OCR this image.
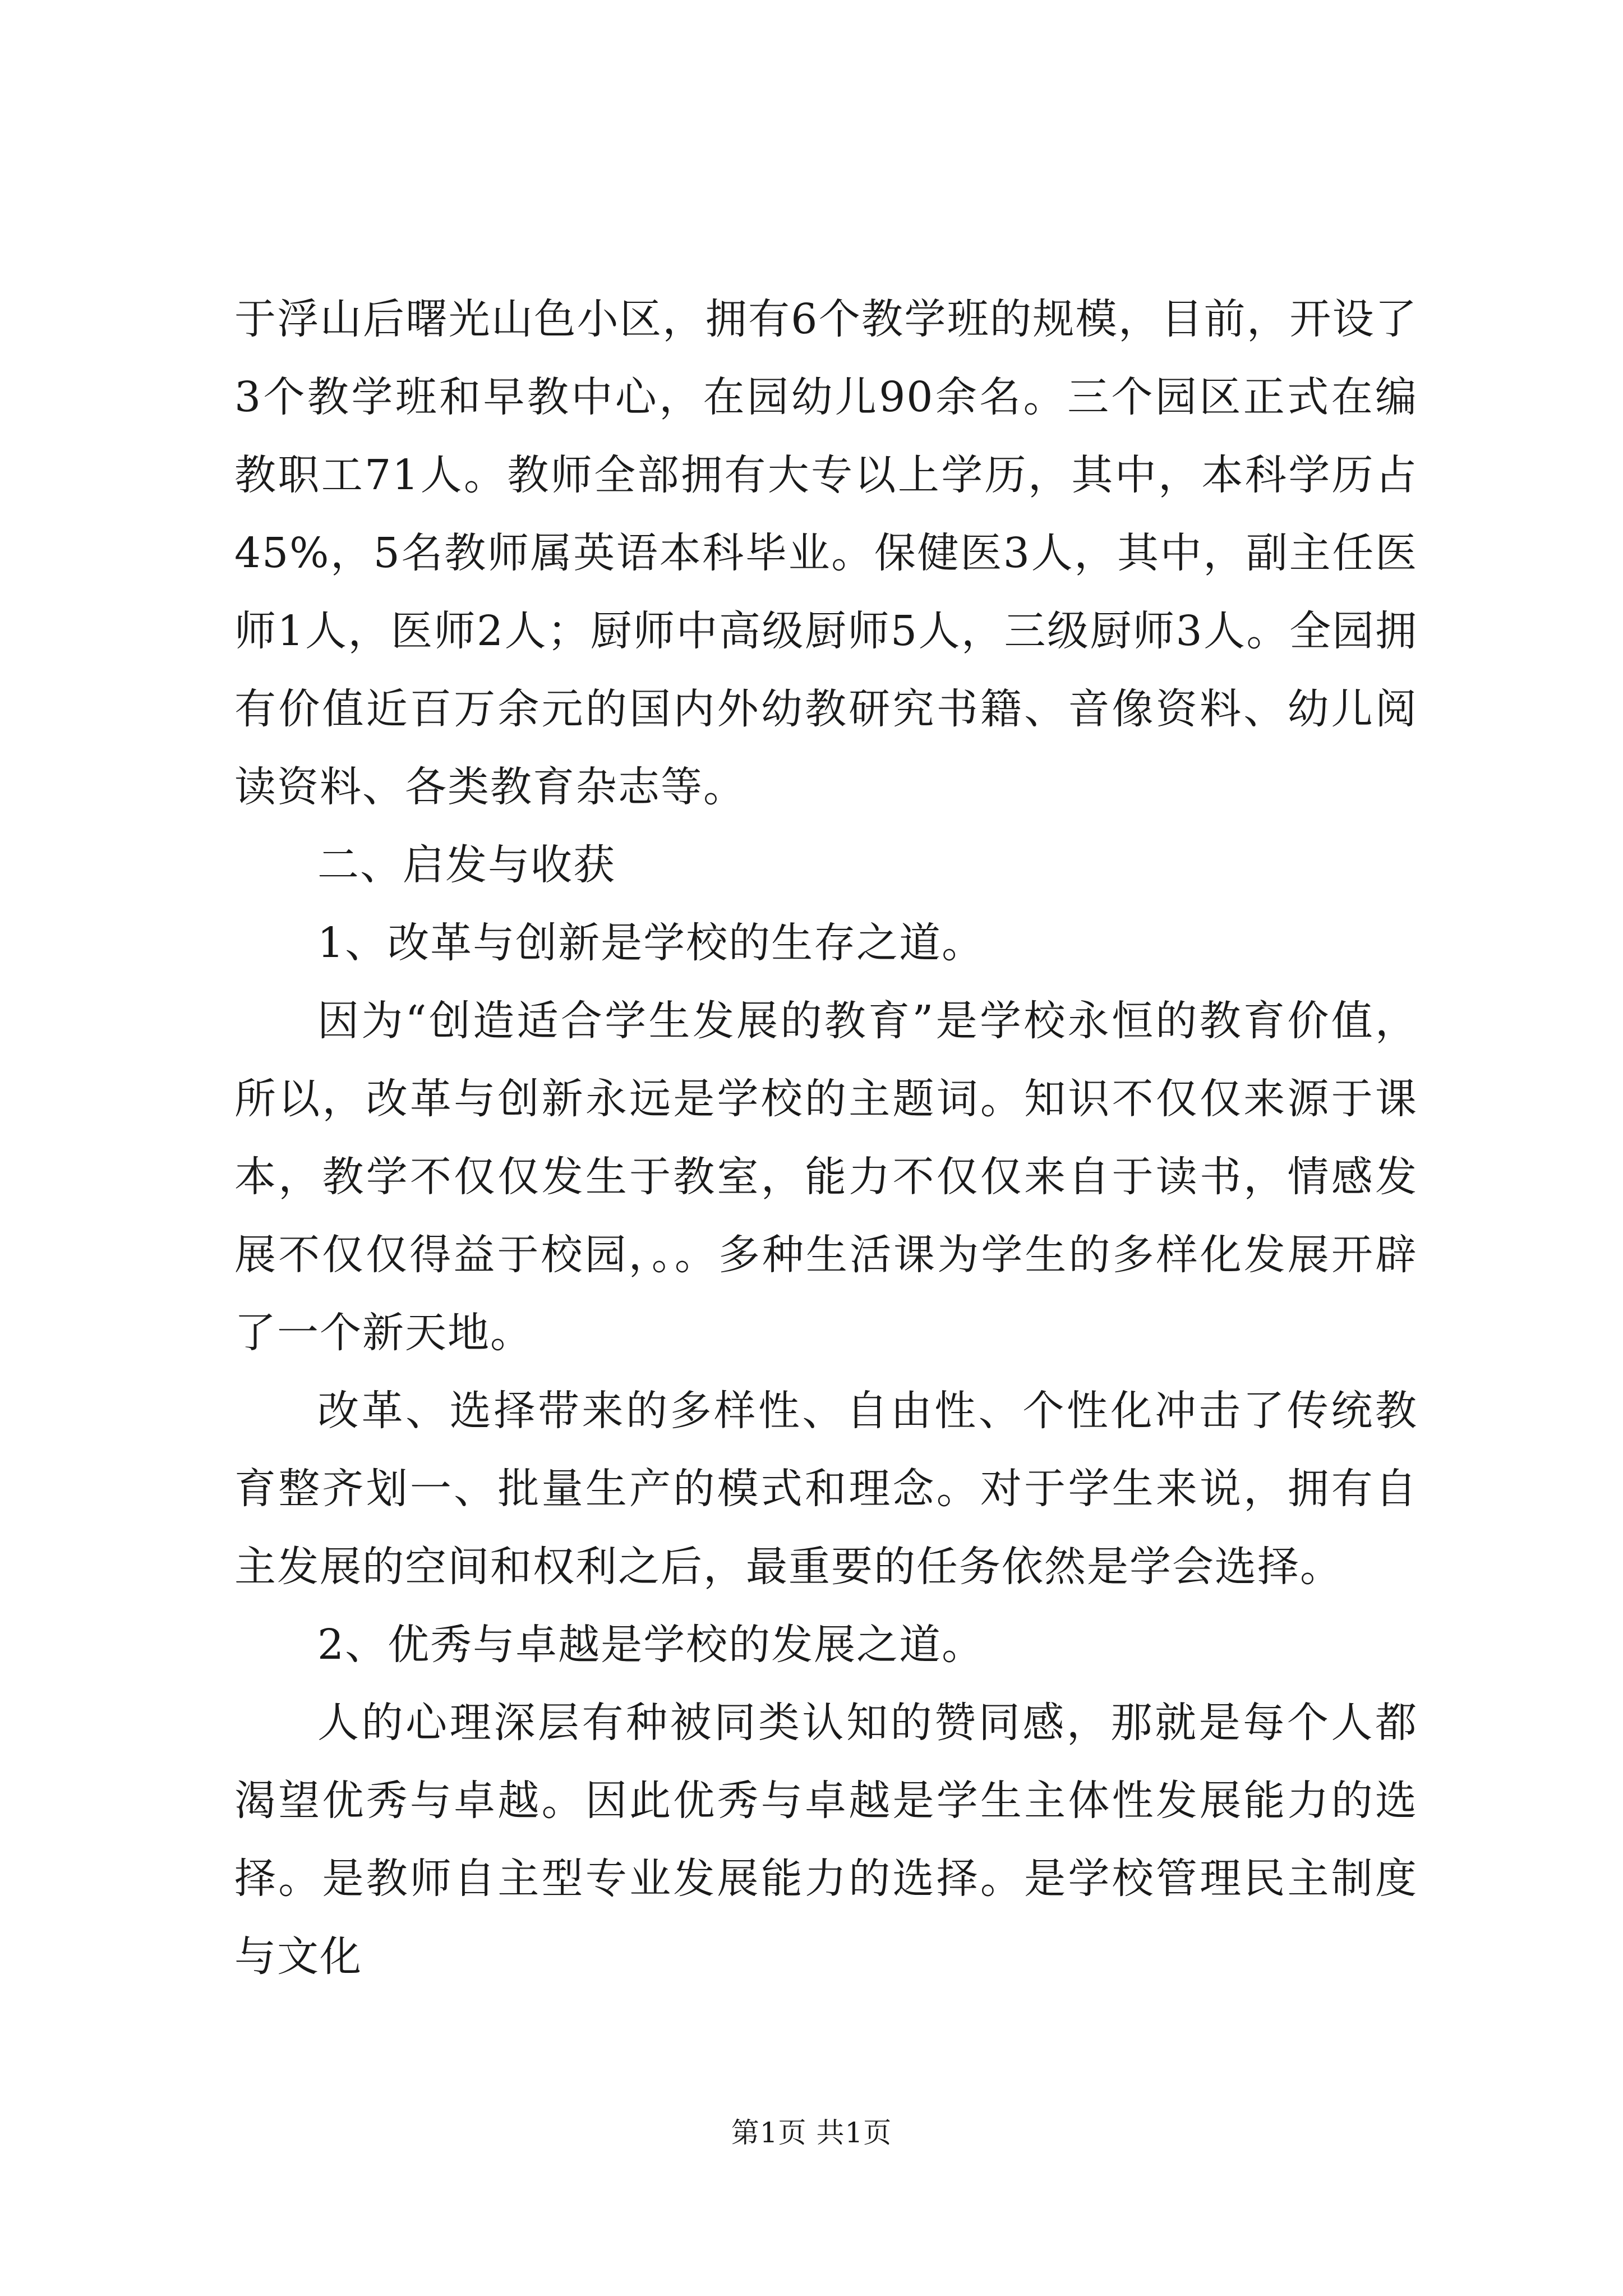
于浮山后曙光山色小区，拥有6个教学班的规模，目前，开设了3个教学班和早教中心，在园幼儿90余名。三个园区正式在编教职工71人。教师全部拥有大专以上学历，其中，本科学历占45%，5名教师属英语本科毕业。保健医3人，其中，副主任医师1人，医师2人；厨师中高级厨师5人，三级厨师3人。全园拥有价值近百万余元的国内外幼教研究书籍、音像资料、幼儿阅读资料、各类教育杂志等。

二、启发与收获

1、改革与创新是学校的生存之道。

因为“创造适合学生发展的教育”是学校永恒的教育价值，所以，改革与创新永远是学校的主题词。知识不仅仅来源于课本，教学不仅仅发生于教室，能力不仅仅来自于读书，情感发展不仅仅得益于校园，。。多种生活课为学生的多样化发展开辟了一个新天地。

改革、选择带来的多样性、自由性、个性化冲击了传统教育整齐划一、批量生产的模式和理念。对于学生来说，拥有自主发展的空间和权利之后，最重要的任务依然是学会选择。

2、优秀与卓越是学校的发展之道。

人的心理深层有种被同类认知的赞同感，那就是每个人都渴望优秀与卓越。因此优秀与卓越是学生主体性发展能力的选择。是教师自主型专业发展能力的选择。是学校管理民主制度与文化

第1页 共1页
